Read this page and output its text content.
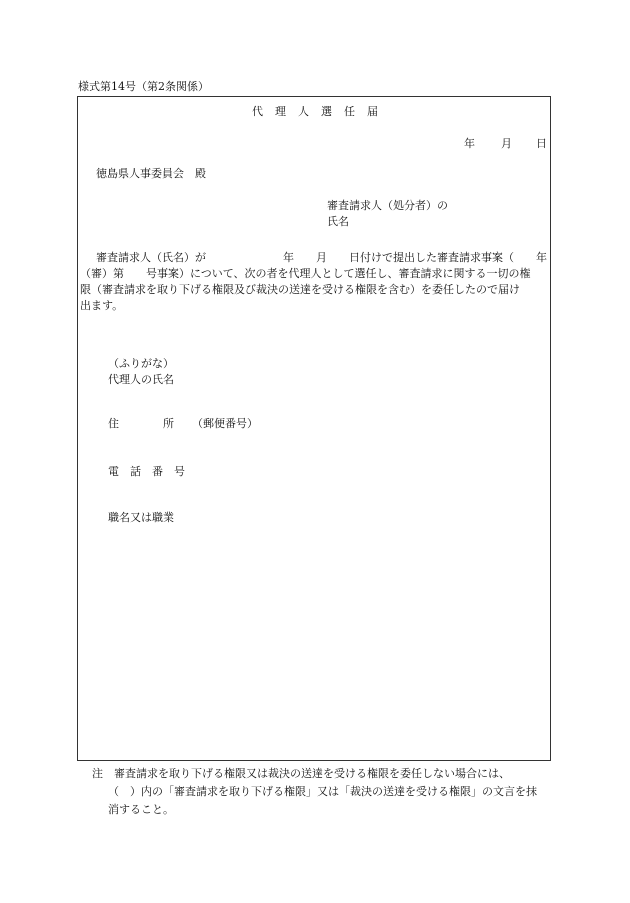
様式第14号（第2条関係）
代理人選任届
年 月 日
徳島県人事委員会　殿
審査請求人（処分者）の
氏名
審査請求人（氏名）が　　　　　　　年　　月　　日付けで提出した審査請求事案（　　年
（審）第　　号事案）について、次の者を代理人として選任し、審査請求に関する一切の権
限（審査請求を取り下げる権限及び裁決の送達を受ける権限を含む）を委任したので届け
出ます。
（ふりがな）
代理人の氏名
住　　　　所 （郵便番号）
電　話　番　号
職名又は職業
注　審査請求を取り下げる権限又は裁決の送達を受ける権限を委任しない場合には、
（　）内の「審査請求を取り下げる権限」又は「裁決の送達を受ける権限」の文言を抹
消すること。
